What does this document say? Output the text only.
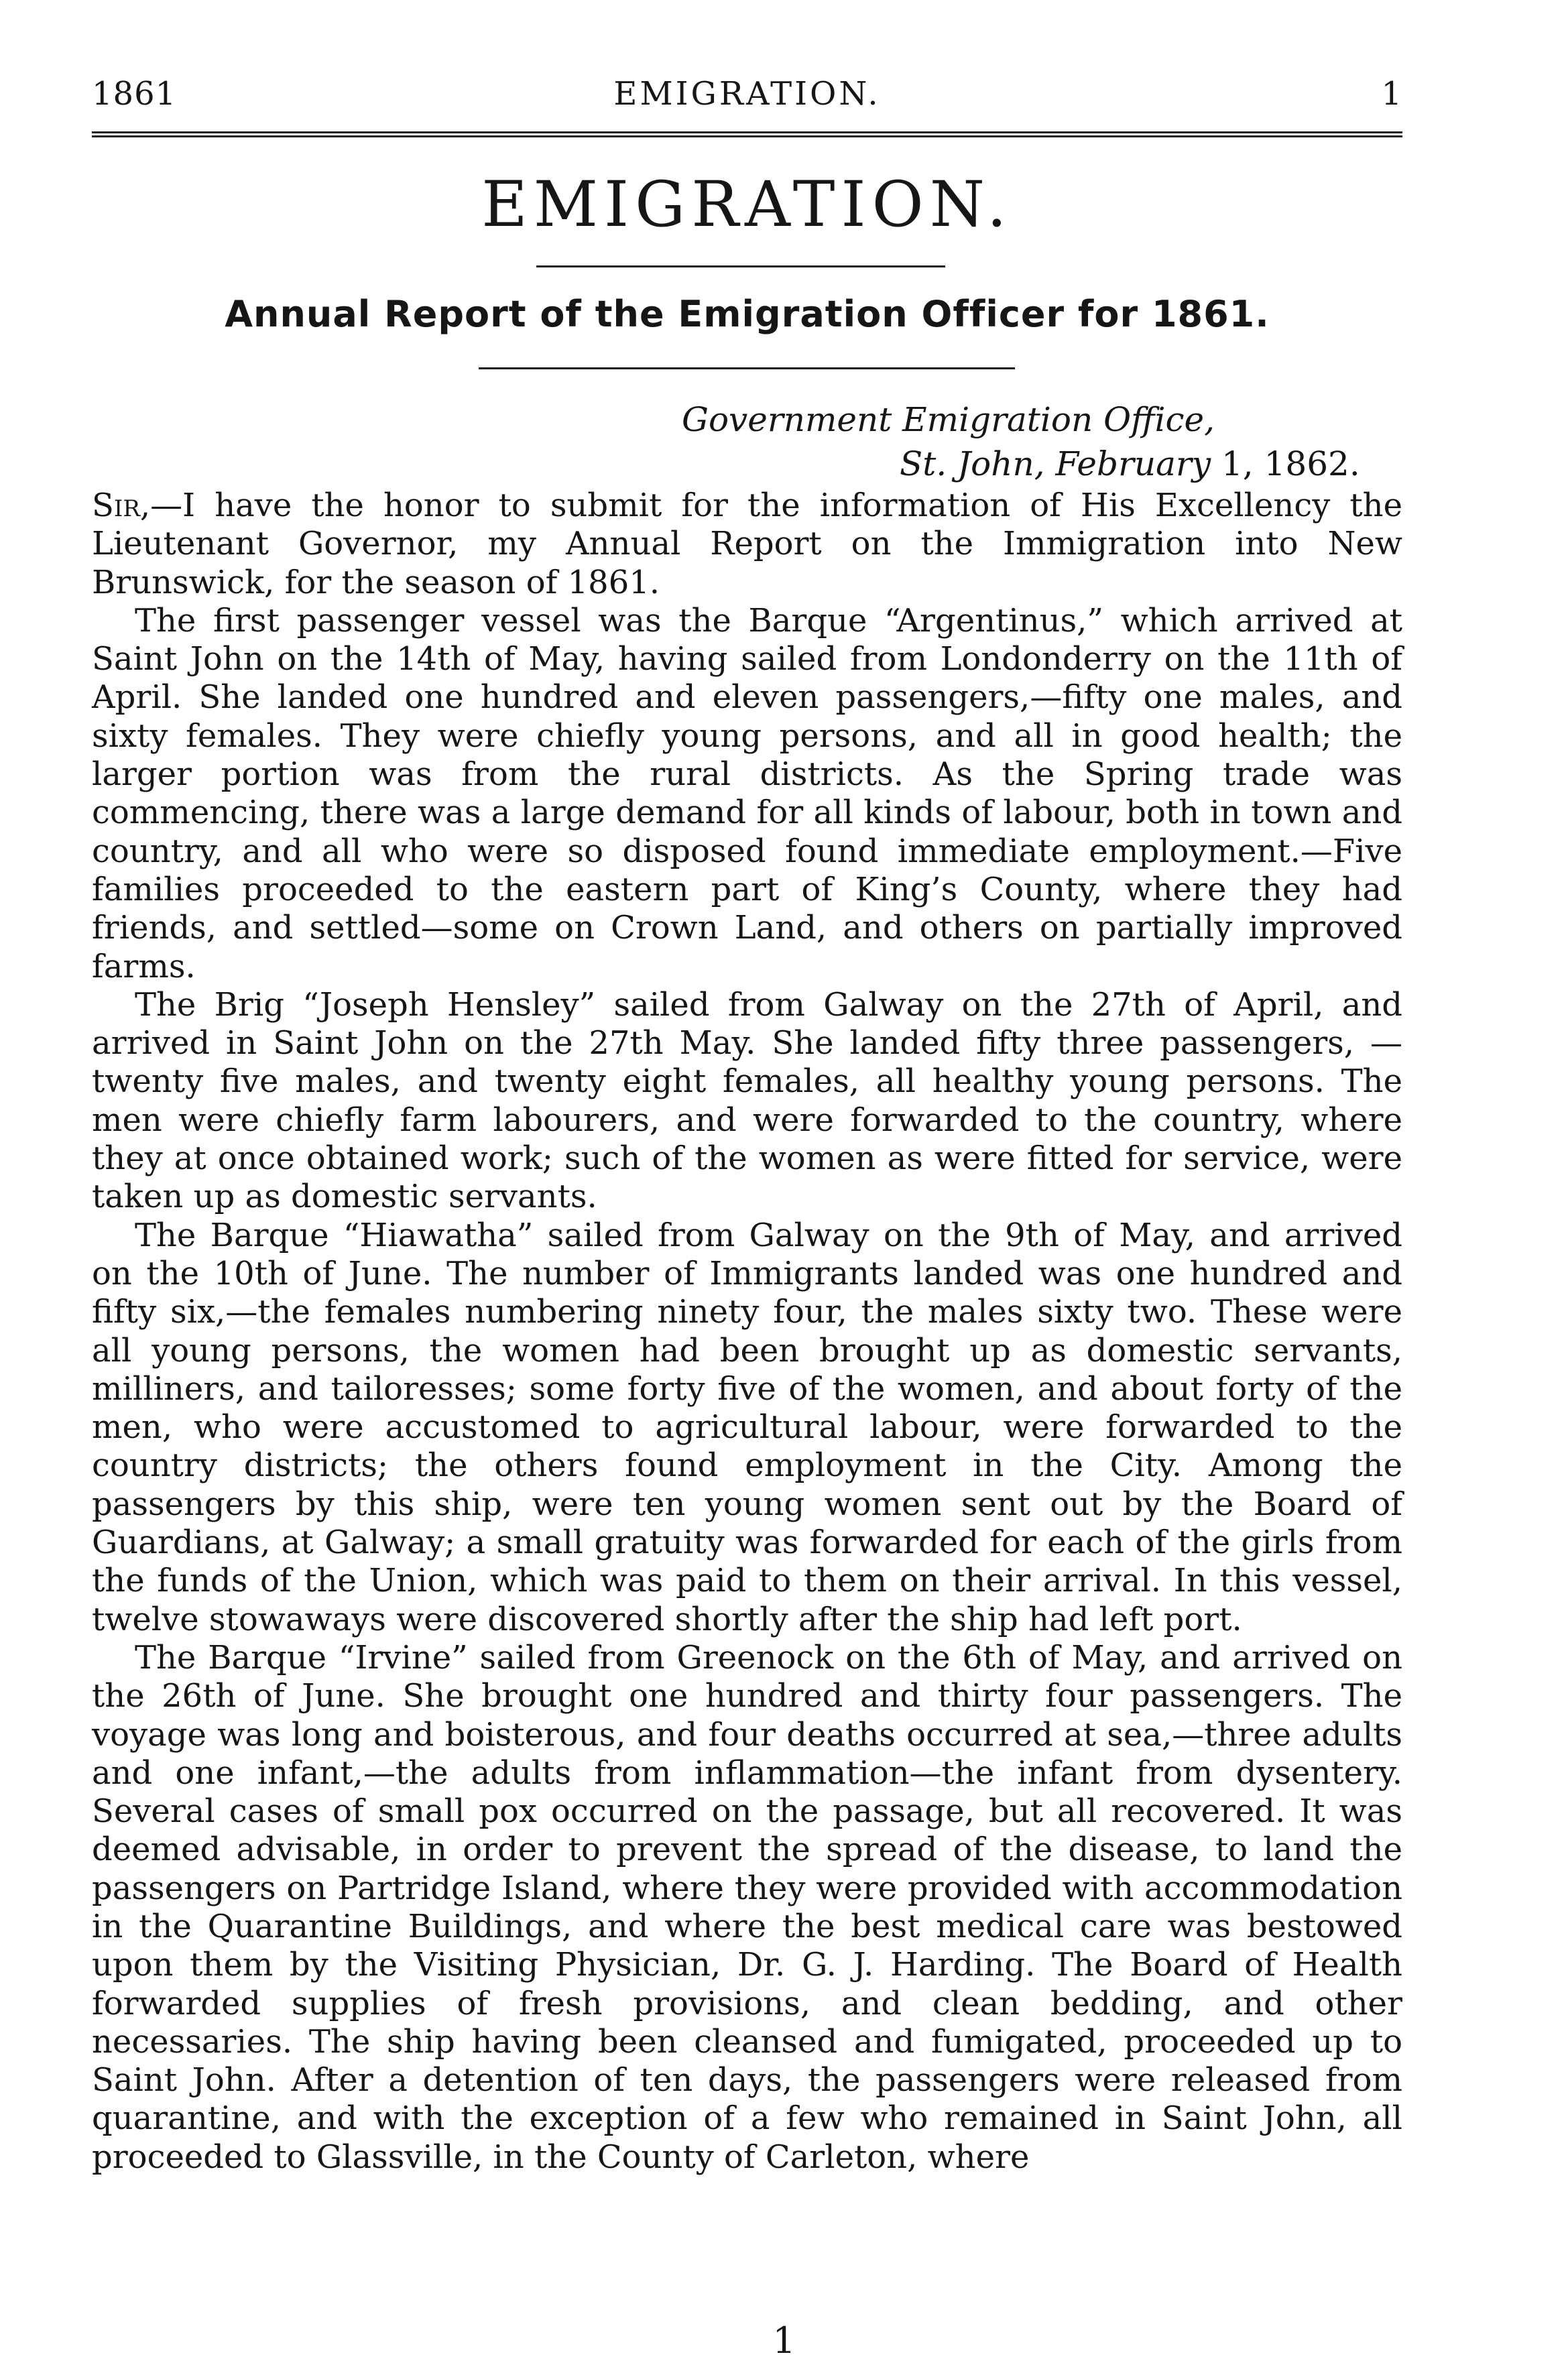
1861	EMIGRATION.	1
EMIGRATION.
Annual Report of the Emigration Officer for 1861.
Government Emigration Office,
St. John, February 1, 1862.

Sir,—I have the honor to submit for the information of His Excellency the Lieutenant Governor, my Annual Report on the Immigration into New Brunswick, for the season of 1861.

The first passenger vessel was the Barque “Argentinus,” which arrived at Saint John on the 14th of May, having sailed from Londonderry on the 11th of April. She landed one hundred and eleven passengers,—fifty one males, and sixty females. They were chiefly young persons, and all in good health; the larger portion was from the rural districts. As the Spring trade was commencing, there was a large demand for all kinds of labour, both in town and country, and all who were so disposed found immediate employment.—Five families proceeded to the eastern part of King’s County, where they had friends, and settled—some on Crown Land, and others on partially improved farms.

The Brig “Joseph Hensley” sailed from Galway on the 27th of April, and arrived in Saint John on the 27th May. She landed fifty three passengers, —twenty five males, and twenty eight females, all healthy young persons. The men were chiefly farm labourers, and were forwarded to the country, where they at once obtained work; such of the women as were fitted for service, were taken up as domestic servants.

The Barque “Hiawatha” sailed from Galway on the 9th of May, and arrived on the 10th of June. The number of Immigrants landed was one hundred and fifty six,—the females numbering ninety four, the males sixty two. These were all young persons, the women had been brought up as domestic servants, milliners, and tailoresses; some forty five of the women, and about forty of the men, who were accustomed to agricultural labour, were forwarded to the country districts; the others found employment in the City. Among the passengers by this ship, were ten young women sent out by the Board of Guardians, at Galway; a small gratuity was forwarded for each of the girls from the funds of the Union, which was paid to them on their arrival. In this vessel, twelve stowaways were discovered shortly after the ship had left port.

The Barque “Irvine” sailed from Greenock on the 6th of May, and arrived on the 26th of June. She brought one hundred and thirty four passengers. The voyage was long and boisterous, and four deaths occurred at sea,—three adults and one infant,—the adults from inflammation—the infant from dysentery. Several cases of small pox occurred on the passage, but all recovered. It was deemed advisable, in order to prevent the spread of the disease, to land the passengers on Partridge Island, where they were provided with accommodation in the Quarantine Buildings, and where the best medical care was bestowed upon them by the Visiting Physician, Dr. G. J. Harding. The Board of Health forwarded supplies of fresh provisions, and clean bedding, and other necessaries. The ship having been cleansed and fumigated, proceeded up to Saint John. After a detention of ten days, the passengers were released from quarantine, and with the exception of a few who remained in Saint John, all proceeded to Glassville, in the County of Carleton, where

1
